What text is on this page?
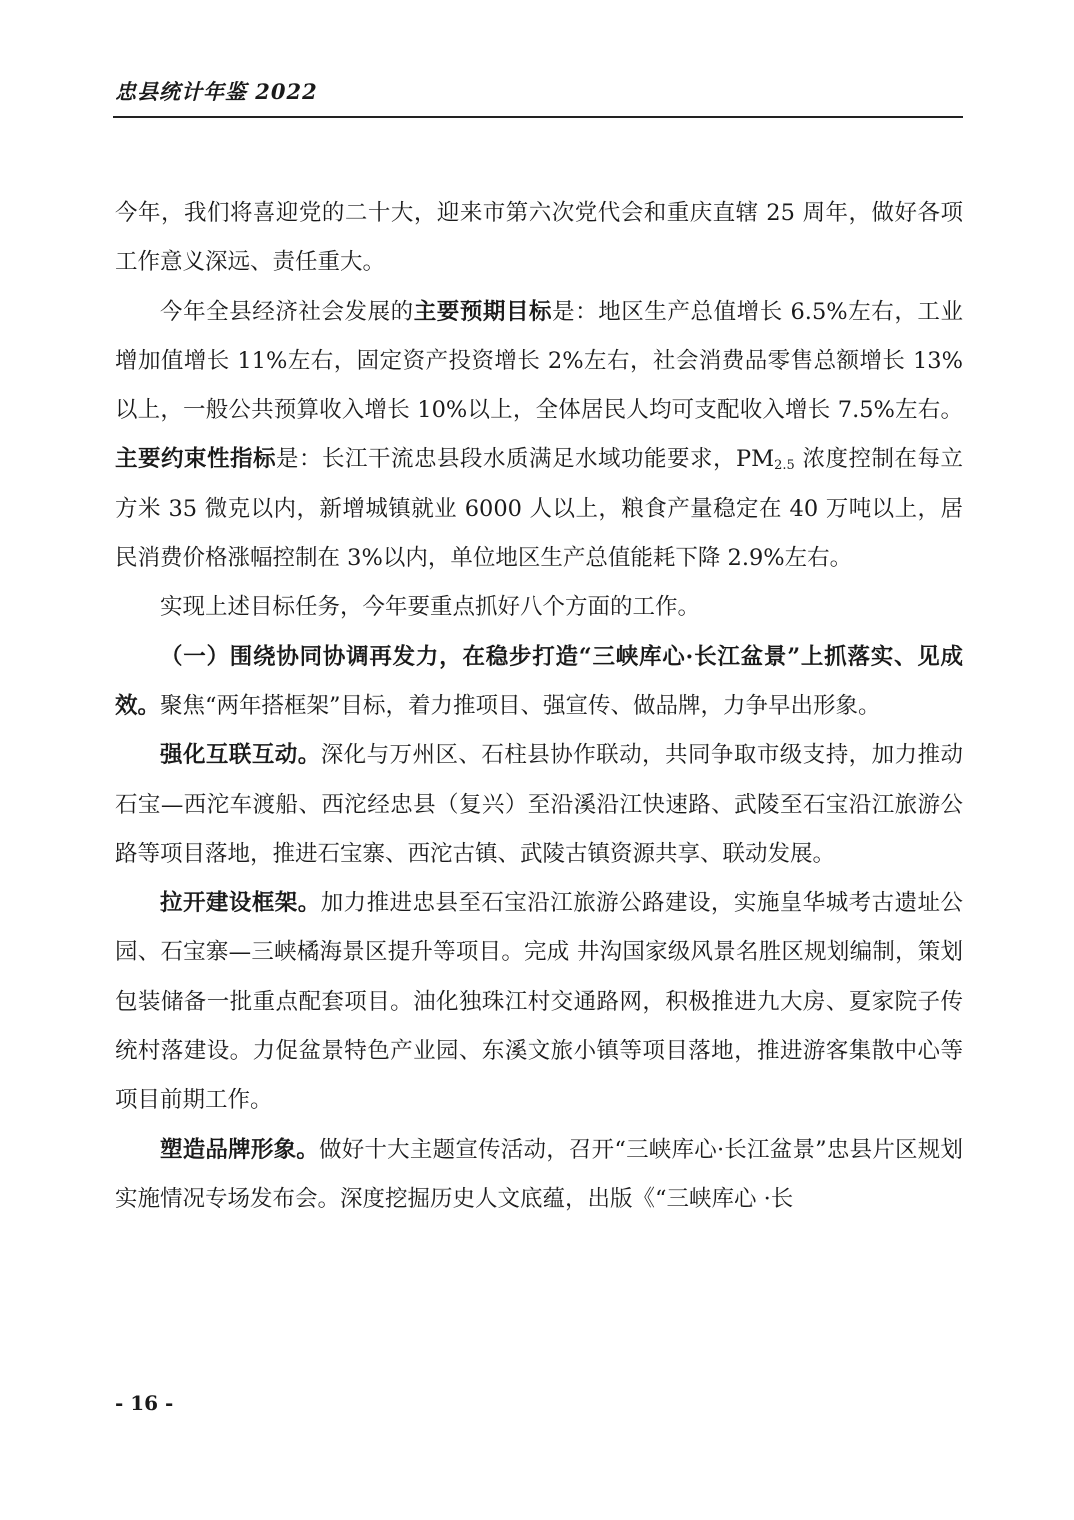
忠县统计年鉴 2022

今年，我们将喜迎党的二十大，迎来市第六次党代会和重庆直辖 25 周年，做好各项工作意义深远、责任重大。

今年全县经济社会发展的主要预期目标是：地区生产总值增长 6.5%左右，工业增加值增长 11%左右，固定资产投资增长 2%左右，社会消费品零售总额增长 13%以上，一般公共预算收入增长 10%以上，全体居民人均可支配收入增长 7.5%左右。主要约束性指标是：长江干流忠县段水质满足水域功能要求，$PM_{2.5}$ 浓度控制在每立方米 35 微克以内，新增城镇就业 6000 人以上，粮食产量稳定在 40 万吨以上，居民消费价格涨幅控制在 3%以内，单位地区生产总值能耗下降 2.9%左右。

实现上述目标任务，今年要重点抓好八个方面的工作。

（一）围绕协同协调再发力，在稳步打造“三峡库心·长江盆景”上抓落实、见成效。聚焦“两年搭框架”目标，着力推项目、强宣传、做品牌，力争早出形象。

强化互联互动。深化与万州区、石柱县协作联动，共同争取市级支持，加力推动石宝—西沱车渡船、西沱经忠县（复兴）至沿溪沿江快速路、武陵至石宝沿江旅游公路等项目落地，推进石宝寨、西沱古镇、武陵古镇资源共享、联动发展。

拉开建设框架。加力推进忠县至石宝沿江旅游公路建设，实施皇华城考古遗址公园、石宝寨—三峡橘海景区提升等项目。完成 井沟国家级风景名胜区规划编制，策划包装储备一批重点配套项目。油化独珠江村交通路网，积极推进九大房、夏家院子传统村落建设。力促盆景特色产业园、东溪文旅小镇等项目落地，推进游客集散中心等项目前期工作。

塑造品牌形象。做好十大主题宣传活动，召开“三峡库心·长江盆景”忠县片区规划实施情况专场发布会。深度挖掘历史人文底蕴，出版《“三峡库心 ·长

- 16 -
